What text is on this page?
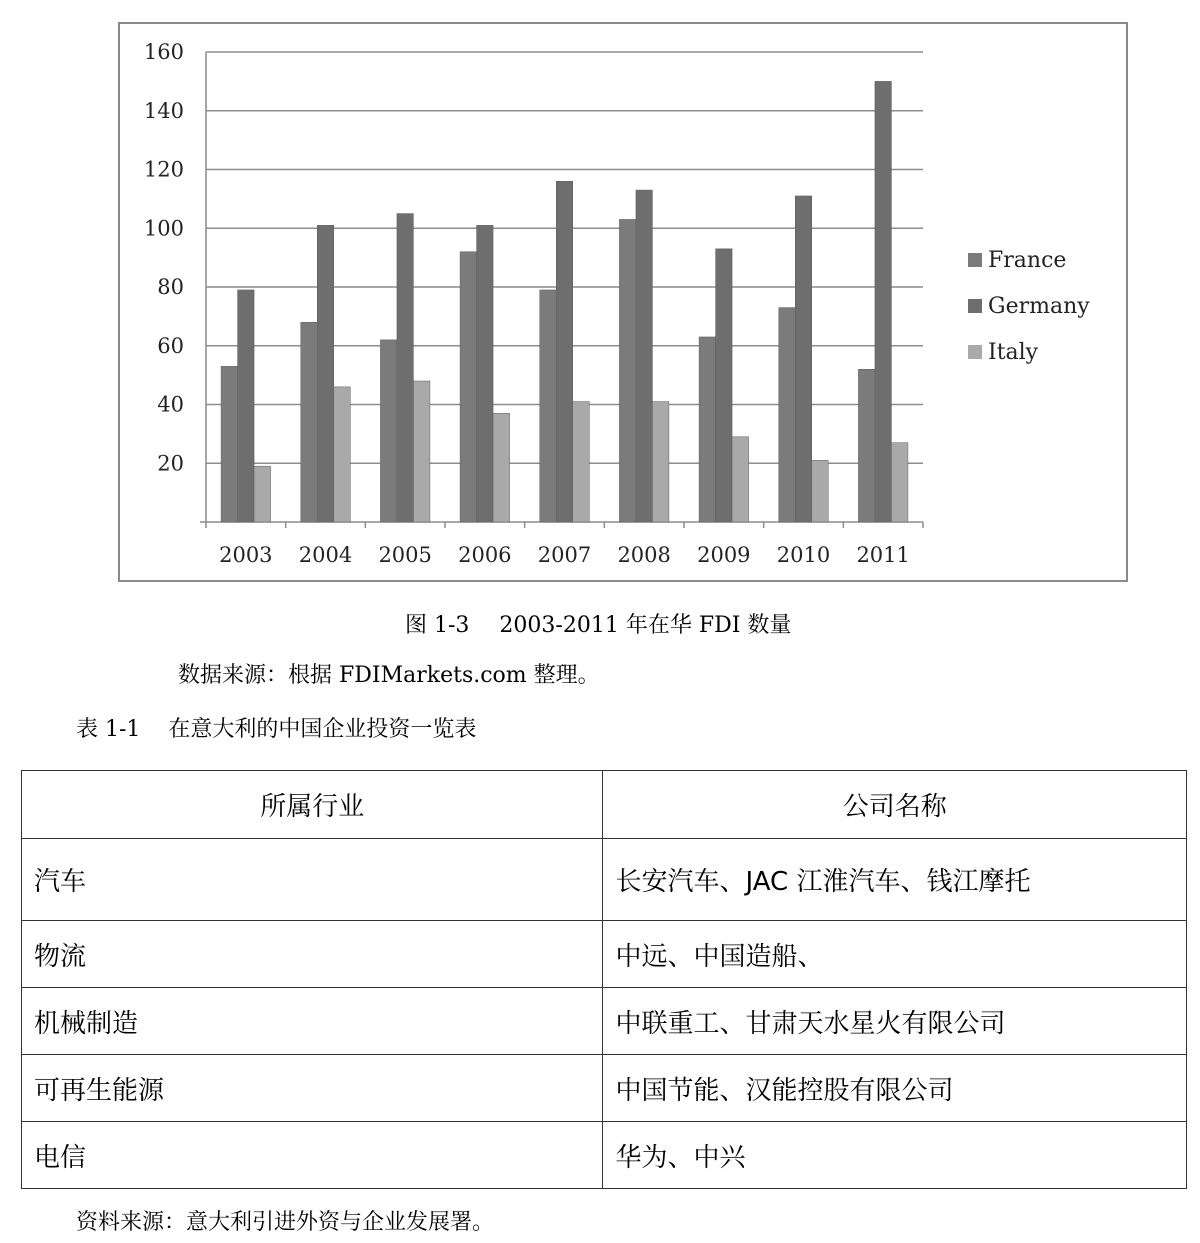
20
40
60
80
100
120
140
160
2003 2004 2005 2006 2007 2008 2009 2010 2011
France
Germany
Italy
图 1-3 2003-2011 年在华 FDI 数量
数据来源：根据 FDIMarkets.com 整理。
表 1-1 在意大利的中国企业投资一览表
所属行业	公司名称
汽车	长安汽车、JAC 江淮汽车、钱江摩托
物流	中远、中国造船、
机械制造	中联重工、甘肃天水星火有限公司
可再生能源	中国节能、汉能控股有限公司
电信	华为、中兴
资料来源：意大利引进外资与企业发展署。
